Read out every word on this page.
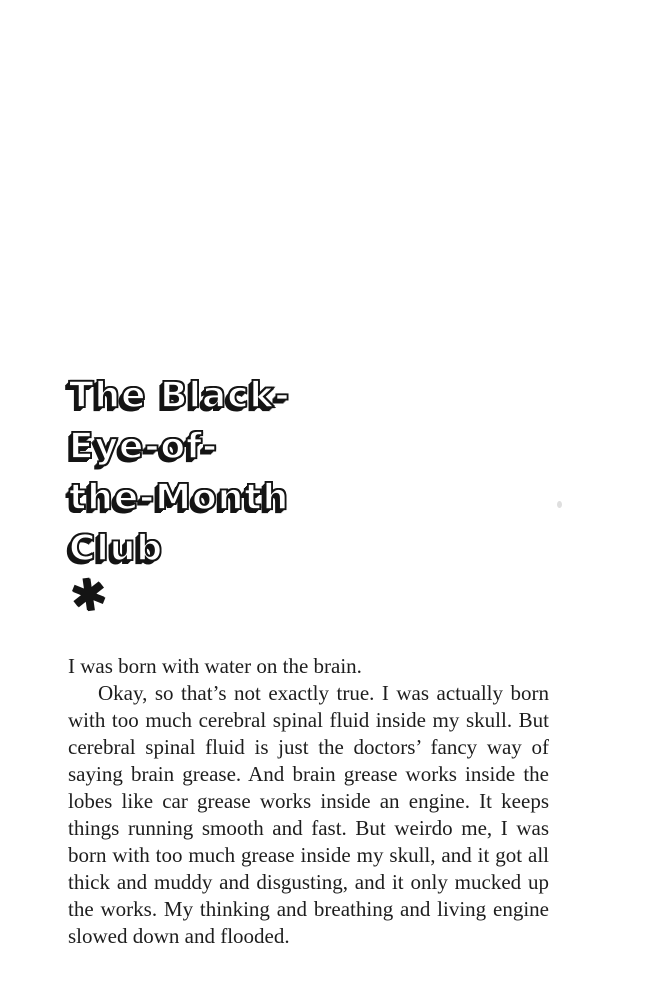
The Black-
Eye-of-
the-Month
Club
✱

I was born with water on the brain.

Okay, so that’s not exactly true. I was actually born with too much cerebral spinal fluid inside my skull. But cerebral spinal fluid is just the doctors’ fancy way of saying brain grease. And brain grease works inside the lobes like car grease works inside an engine. It keeps things running smooth and fast. But weirdo me, I was born with too much grease inside my skull, and it got all thick and muddy and disgusting, and it only mucked up the works. My thinking and breathing and living engine slowed down and flooded.
